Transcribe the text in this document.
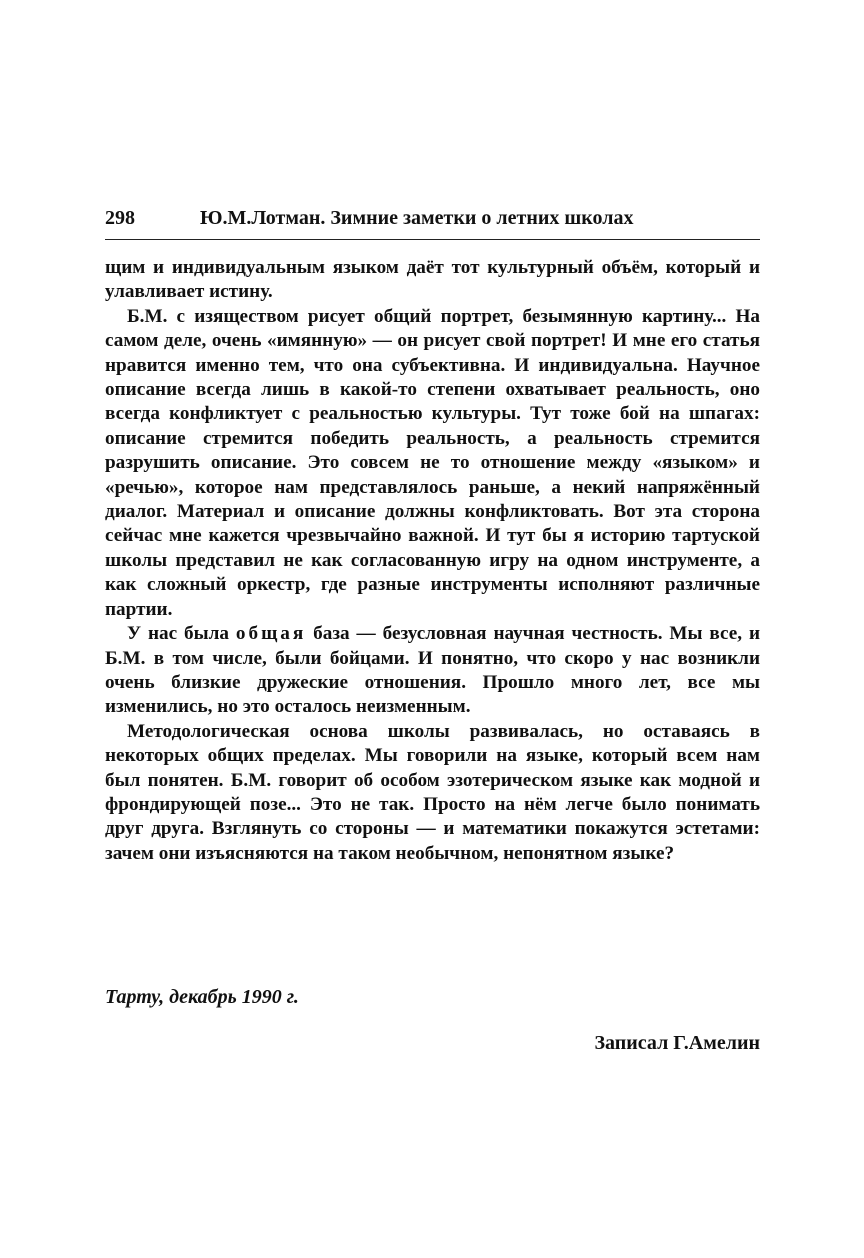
298	Ю.М.Лотман. Зимние заметки о летних школах

щим и индивидуальным языком даёт тот культурный объём, который и улавливает истину.

Б.М. с изяществом рисует общий портрет, безымянную картину... На самом деле, очень «имянную» — он рисует свой портрет! И мне его статья нравится именно тем, что она субъективна. И индивидуальна. Научное описание всегда лишь в какой-то степени охватывает реальность, оно всегда конфликтует с реальностью культуры. Тут тоже бой на шпагах: описание стремится победить реальность, а реальность стремится разрушить описание. Это совсем не то отношение между «языком» и «речью», которое нам представлялось раньше, а некий напряжённый диалог. Материал и описание должны конфликтовать. Вот эта сторона сейчас мне кажется чрезвычайно важной. И тут бы я историю тартуской школы представил не как согласованную игру на одном инструменте, а как сложный оркестр, где разные инструменты исполняют различные партии.

У нас была общая база — безусловная научная честность. Мы все, и Б.М. в том числе, были бойцами. И понятно, что скоро у нас возникли очень близкие дружеские отношения. Прошло много лет, все мы изменились, но это осталось неизменным.

Методологическая основа школы развивалась, но оставаясь в некоторых общих пределах. Мы говорили на языке, который всем нам был понятен. Б.М. говорит об особом эзотерическом языке как модной и фрондирующей позе... Это не так. Просто на нём легче было понимать друг друга. Взглянуть со стороны — и математики покажутся эстетами: зачем они изъясняются на таком необычном, непонятном языке?

Тарту, декабрь 1990 г.
Записал Г.Амелин
